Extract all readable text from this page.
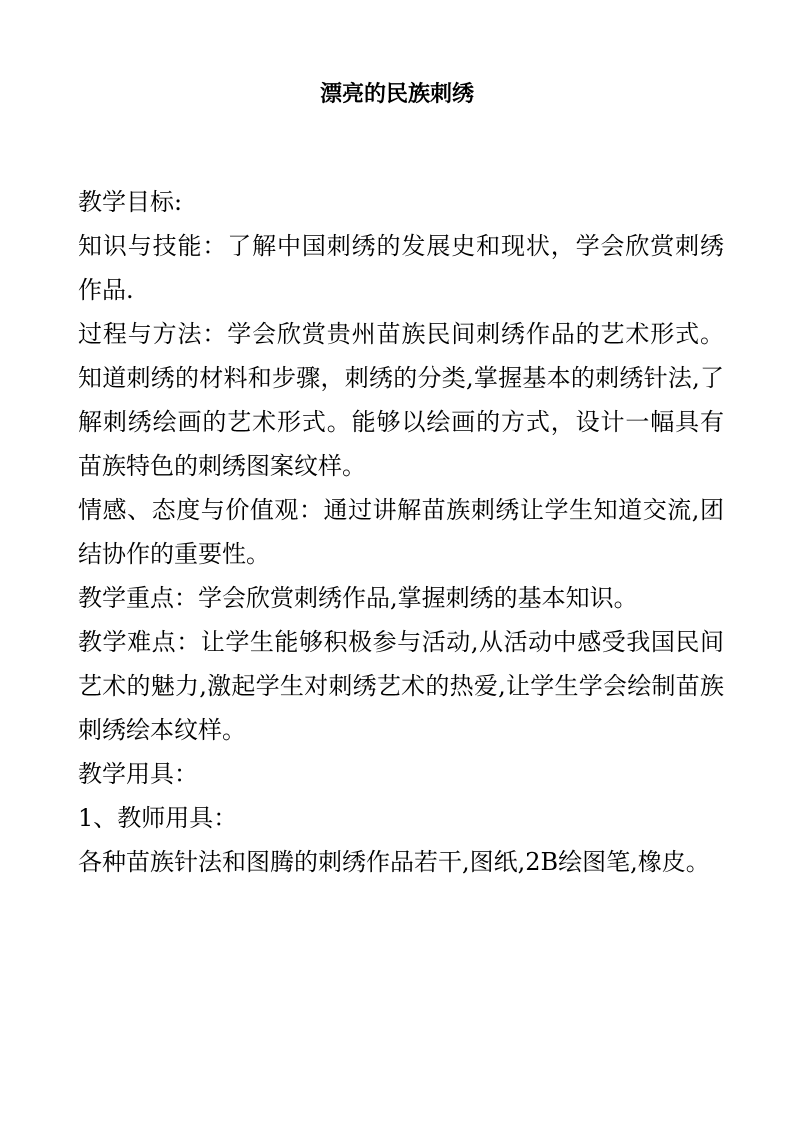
漂亮的民族刺绣

教学目标:

知识与技能：了解中国刺绣的发展史和现状，学会欣赏刺绣作品.

过程与方法：学会欣赏贵州苗族民间刺绣作品的艺术形式。知道刺绣的材料和步骤，刺绣的分类,掌握基本的刺绣针法,了解刺绣绘画的艺术形式。能够以绘画的方式，设计一幅具有苗族特色的刺绣图案纹样。

情感、态度与价值观：通过讲解苗族刺绣让学生知道交流,团结协作的重要性。

教学重点：学会欣赏刺绣作品,掌握刺绣的基本知识。

教学难点：让学生能够积极参与活动,从活动中感受我国民间艺术的魅力,激起学生对刺绣艺术的热爱,让学生学会绘制苗族刺绣绘本纹样。

教学用具：

1、教师用具：

各种苗族针法和图腾的刺绣作品若干,图纸,2B绘图笔,橡皮。
